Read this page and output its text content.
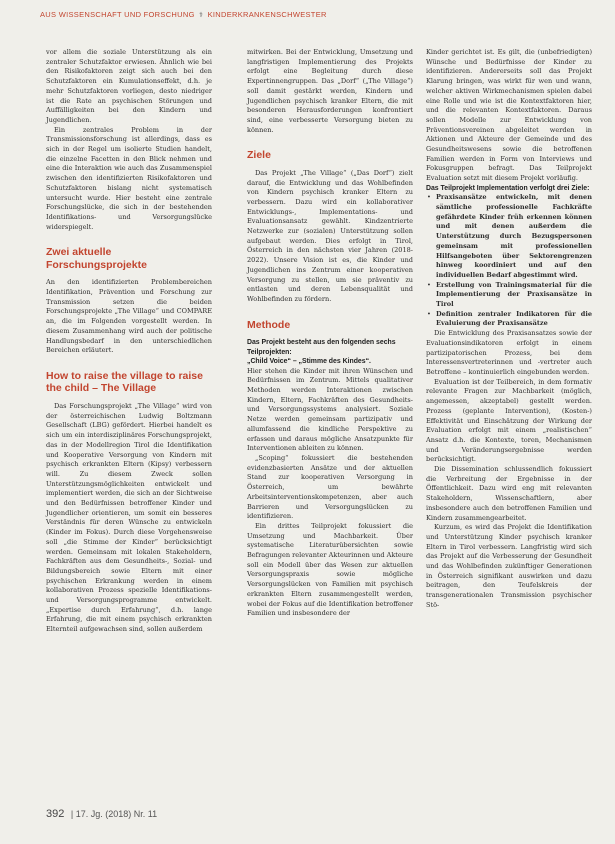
AUS WISSENSCHAFT UND FORSCHUNG ⚕ KINDERKRANKENSCHWESTER

vor allem die soziale Unterstützung als ein zentraler Schutzfaktor erwiesen. Ähnlich wie bei den Risikofaktoren zeigt sich auch bei den Schutzfaktoren ein Kumulationseffekt, d.h. je mehr Schutzfaktoren vorliegen, desto niedriger ist die Rate an psychischen Störungen und Auffälligkeiten bei den Kindern und Jugendlichen.

Ein zentrales Problem in der Transmissionsforschung ist allerdings, dass es sich in der Regel um isolierte Studien handelt, die einzelne Facetten in den Blick nehmen und eine die Interaktion wie auch das Zusammenspiel zwischen den identifizierten Risikofaktoren und Schutzfaktoren bislang nicht systematisch untersucht wurde. Hier besteht eine zentrale Forschungslücke, die sich in der bestehenden Identifikations- und Versorgungslücke widerspiegelt.

Zwei aktuelle Forschungsprojekte

An den identifizierten Problembereichen Identifikation, Prävention und Forschung zur Transmission setzen die beiden Forschungsprojekte „The Village“ und COMPARE an, die im Folgenden vorgestellt werden. In diesem Zusammenhang wird auch der politische Handlungsbedarf in den unterschiedlichen Bereichen erläutert.

How to raise the village to raise the child – The Village

Das Forschungsprojekt „The Village“ wird von der österreichischen Ludwig Boltzmann Gesellschaft (LBG) gefördert. Hierbei handelt es sich um ein interdisziplinäres Forschungsprojekt, das in der Modellregion Tirol die Identifikation und Kooperative Versorgung von Kindern mit psychisch erkrankten Eltern (Kipsy) verbessern will. Zu diesem Zweck sollen Unterstützungsmöglichkeiten entwickelt und implementiert werden, die sich an der Sichtweise und den Bedürfnissen betroffener Kinder und Jugendlicher orientieren, um somit ein besseres Verständnis für deren Wünsche zu entwickeln (Kinder im Fokus). Durch diese Vorgehensweise soll „die Stimme der Kinder“ berücksichtigt werden. Gemeinsam mit lokalen Stakeholdern, Fachkräften aus dem Gesundheits-, Sozial- und Bildungsbereich sowie Eltern mit einer psychischen Erkrankung werden in einem kollaborativen Prozess spezielle Identifikations- und Versorgungsprogramme entwickelt. „Expertise durch Erfahrung“, d.h. lange Erfahrung, die mit einem psychisch erkrankten Elternteil aufgewachsen sind, sollen außerdem

mitwirken. Bei der Entwicklung, Umsetzung und langfristigen Implementierung des Projekts erfolgt eine Begleitung durch diese Expertinnengruppen. Das „Dorf“ („The Village“) soll damit gestärkt werden, Kindern und Jugendlichen psychisch kranker Eltern, die mit besonderen Herausforderungen konfrontiert sind, eine verbesserte Versorgung bieten zu können.

Ziele

Das Projekt „The Village“ („Das Dorf“) zielt darauf, die Entwicklung und das Wohlbefinden von Kindern psychisch kranker Eltern zu verbessern. Dazu wird ein kollaborativer Entwicklungs-, Implementations- und Evaluationsansatz gewählt. Kindzentrierte Netzwerke zur (sozialen) Unterstützung sollen aufgebaut werden. Dies erfolgt in Tirol, Österreich in den nächsten vier Jahren (2018-2022). Unsere Vision ist es, die Kinder und Jugendlichen ins Zentrum einer kooperativen Versorgung zu stellen, um sie präventiv zu entlasten und deren Lebensqualität und Wohlbefinden zu fördern.

Methode
Das Projekt besteht aus den folgenden sechs Teilprojekten:
„Child Voice“ – „Stimme des Kindes“.

Hier stehen die Kinder mit ihren Wünschen und Bedürfnissen im Zentrum. Mittels qualitativer Methoden werden Interaktionen zwischen Kindern, Eltern, Fachkräften des Gesundheits- und Versorgungssystems analysiert. Soziale Netze werden gemeinsam partizipativ und allumfassend die kindliche Perspektive zu erfassen und daraus mögliche Ansatzpunkte für Interventionen ableiten zu können.

„Scoping“ fokussiert die bestehenden evidenzbasierten Ansätze und der aktuellen Stand zur kooperativen Versorgung in Österreich, um bewährte Arbeitsinterventionskompetenzen, aber auch Barrieren und Versorgungslücken zu identifizieren.

Ein drittes Teilprojekt fokussiert die Umsetzung und Machbarkeit. Über systematische Literaturübersichten sowie Befragungen relevanter Akteurinnen und Akteure soll ein Modell über das Wesen zur aktuellen Versorgungspraxis sowie mögliche Versorgungslücken von Familien mit psychisch erkrankten Eltern zusammengestellt werden, wobei der Fokus auf die Identifikation betroffener Familien und insbesondere der

Kinder gerichtet ist. Es gilt, die (unbefriedigten) Wünsche und Bedürfnisse der Kinder zu identifizieren. Andererseits soll das Projekt Klarung bringen, was wirkt für wen und wann, welcher aktiven Wirkmechanismen spielen dabei eine Rolle und wie ist die Kontextfaktoren hier, und die relevanten Kontextfaktoren. Daraus sollen Modelle zur Entwicklung von Präventionsvereinen abgeleitet werden in Aktionen und Akteure der Gemeinde und des Gesundheitswesens sowie die betroffenen Familien werden in Form von Interviews und Fokusgruppen befragt. Das Teilprojekt Evaluation setzt mit diesem Projekt vorläufig.

Das Teilprojekt Implementation verfolgt drei Ziele:
• Praxisansätze entwickeln, mit denen sämtliche professionelle Fachkräfte gefährdete Kinder früh erkennen können und mit denen außerdem die Unterstützung durch Bezugspersonen gemeinsam mit professionellen Hilfsangeboten über Sektorengrenzen hinweg koordiniert und auf den individuellen Bedarf abgestimmt wird.
• Erstellung von Trainingsmaterial für die Implementierung der Praxisansätze in Tirol
• Definition zentraler Indikatoren für die Evaluierung der Praxisansätze

Die Entwicklung des Praxisansatzes sowie der Evaluationsindikatoren erfolgt in einem partizipatorischen Prozess, bei dem Interessensvertreterinnen und -vertreter auch Betroffene – kontinuierlich eingebunden werden.

Evaluation ist der Teilbereich, in dem formativ relevante Fragen zur Machbarkeit (möglich, angemessen, akzeptabel) gestellt werden. Prozess (geplante Intervention), (Kosten-) Effektivität und Einschätzung der Wirkung der Evaluation erfolgt mit einem „realistischen“ Ansatz d.h. die Kontexte, toren, Mechanismen und Veränderungsergebnisse werden berücksichtigt.

Die Dissemination schlussendlich fokussiert die Verbreitung der Ergebnisse in der Öffentlichkeit. Dazu wird eng mit relevanten Stakeholdern, Wissenschaftlern, aber insbesondere auch den betroffenen Familien und Kindern zusammengearbeitet.

Kurzum, es wird das Projekt die Identifikation und Unterstützung Kinder psychisch kranker Eltern in Tirol verbessern. Langfristig wird sich das Projekt auf die Verbesserung der Gesundheit und das Wohlbefinden zukünftiger Generationen in Österreich signifikant auswirken und dazu beitragen, den Teufelskreis der transgenerationalen Transmission psychischer Stö-

392 | 17. Jg. (2018) Nr. 11
